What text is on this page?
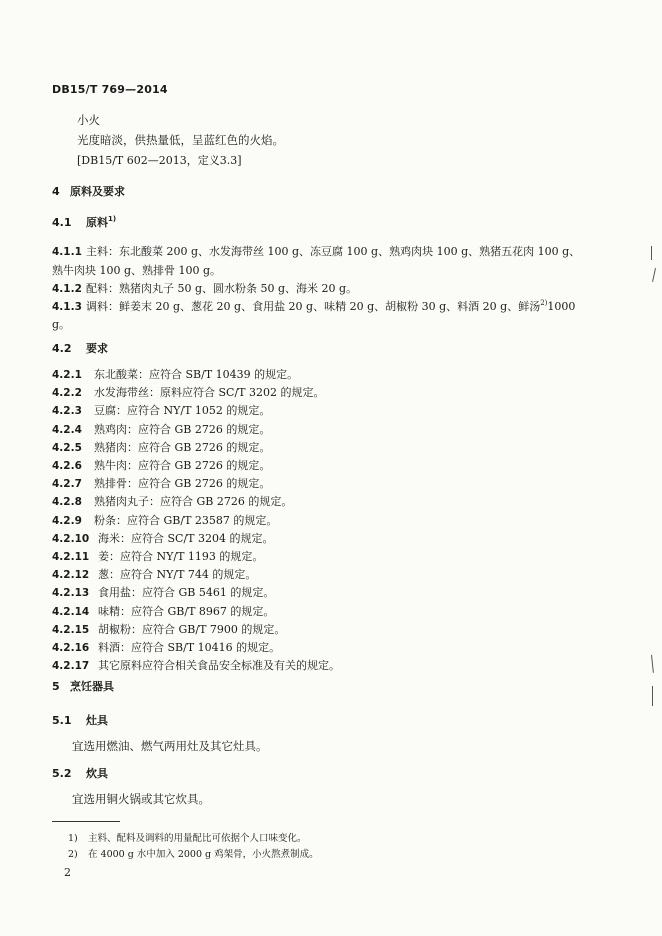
DB15/T 769—2014
小火
光度暗淡，供热量低，呈蓝红色的火焰。
[DB15/T 602—2013，定义3.3]
4 原料及要求
4.1 原料$^{1)}$
4.1.1 主料：东北酸菜 200 g、水发海带丝 100 g、冻豆腐 100 g、熟鸡肉块 100 g、熟猪五花肉 100 g、
熟牛肉块 100 g、熟排骨 100 g。
4.1.2 配料：熟猪肉丸子 50 g、圆水粉条 50 g、海米 20 g。
4.1.3 调料：鲜姜末 20 g、葱花 20 g、食用盐 20 g、味精 20 g、胡椒粉 30 g、料酒 20 g、鲜汤$^{2)}$1000
g。
4.2 要求
4.2.1 东北酸菜：应符合 SB/T 10439 的规定。
4.2.2 水发海带丝：原料应符合 SC/T 3202 的规定。
4.2.3 豆腐：应符合 NY/T 1052 的规定。
4.2.4 熟鸡肉：应符合 GB 2726 的规定。
4.2.5 熟猪肉：应符合 GB 2726 的规定。
4.2.6 熟牛肉：应符合 GB 2726 的规定。
4.2.7 熟排骨：应符合 GB 2726 的规定。
4.2.8 熟猪肉丸子：应符合 GB 2726 的规定。
4.2.9 粉条：应符合 GB/T 23587 的规定。
4.2.10 海米：应符合 SC/T 3204 的规定。
4.2.11 姜：应符合 NY/T 1193 的规定。
4.2.12 葱：应符合 NY/T 744 的规定。
4.2.13 食用盐：应符合 GB 5461 的规定。
4.2.14 味精：应符合 GB/T 8967 的规定。
4.2.15 胡椒粉：应符合 GB/T 7900 的规定。
4.2.16 料酒：应符合 SB/T 10416 的规定。
4.2.17 其它原料应符合相关食品安全标准及有关的规定。
5 烹饪器具
5.1 灶具
宜选用燃油、燃气两用灶及其它灶具。
5.2 炊具
宜选用铜火锅或其它炊具。
1) 主料、配料及调料的用量配比可依据个人口味变化。
2) 在 4000 g 水中加入 2000 g 鸡架骨，小火熬煮制成。
2
